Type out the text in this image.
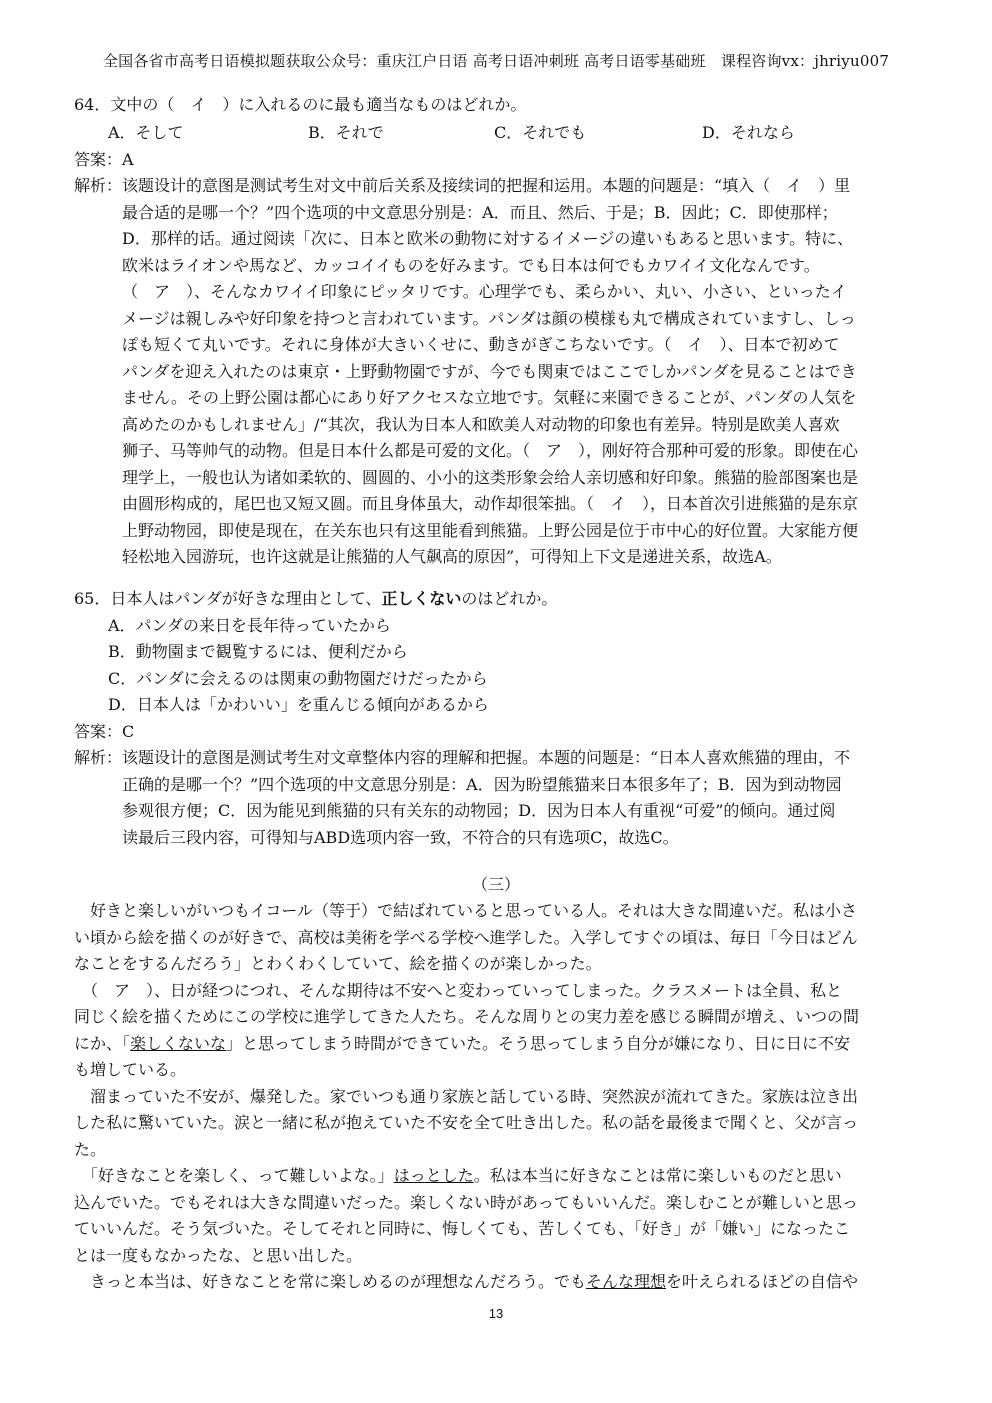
全国各省市高考日语模拟题获取公众号：重庆江户日语 高考日语冲刺班 高考日语零基础班　课程咨询vx：jhriyu007
64．文中の（　イ　）に入れるのに最も適当なものはどれか。
A．そして	B．それで	C．それでも	D．それなら
答案：A
解析： 该题设计的意图是测试考生对文中前后关系及接续词的把握和运用。本题的问题是：“填入（　イ　）里
最合适的是哪一个？”四个选项的中文意思分别是：A．而且、然后、于是；B．因此；C．即使那样；
D．那样的话。通过阅读「次に、日本と欧米の動物に対するイメージの違いもあると思います。特に、
欧米はライオンや馬など、カッコイイものを好みます。でも日本は何でもカワイイ文化なんです。
（　ア　）、そんなカワイイ印象にピッタリです。心理学でも、柔らかい、丸い、小さい、といったイ
メージは親しみや好印象を持つと言われています。パンダは顔の模様も丸で構成されていますし、しっ
ぽも短くて丸いです。それに身体が大きいくせに、動きがぎこちないです。（　イ　）、日本で初めて
パンダを迎え入れたのは東京・上野動物園ですが、今でも関東ではここでしかパンダを見ることはでき
ません。その上野公園は都心にあり好アクセスな立地です。気軽に来園できることが、パンダの人気を
高めたのかもしれません」/“其次，我认为日本人和欧美人对动物的印象也有差异。特别是欧美人喜欢
狮子、马等帅气的动物。但是日本什么都是可爱的文化。（　ア　），刚好符合那种可爱的形象。即使在心
理学上，一般也认为诸如柔软的、圆圆的、小小的这类形象会给人亲切感和好印象。熊猫的脸部图案也是
由圆形构成的，尾巴也又短又圆。而且身体虽大，动作却很笨拙。（　イ　），日本首次引进熊猫的是东京
上野动物园，即使是现在，在关东也只有这里能看到熊猫。上野公园是位于市中心的好位置。大家能方便
轻松地入园游玩，也许这就是让熊猫的人气飙高的原因”，可得知上下文是递进关系，故选A。
65．日本人はパンダが好きな理由として、正しくないのはどれか。
A．パンダの来日を長年待っていたから
B．動物園まで観覧するには、便利だから
C．パンダに会えるのは関東の動物園だけだったから
D．日本人は「かわいい」を重んじる傾向があるから
答案：C
解析： 该题设计的意图是测试考生对文章整体内容的理解和把握。本题的问题是：“日本人喜欢熊猫的理由，不
正确的是哪一个？”四个选项的中文意思分别是：A．因为盼望熊猫来日本很多年了；B．因为到动物园
参观很方便；C．因为能见到熊猫的只有关东的动物园；D．因为日本人有重视“可爱”的倾向。通过阅
读最后三段内容，可得知与ABD选项内容一致，不符合的只有选项C，故选C。
（三）
　好きと楽しいがいつもイコール（等于）で結ばれていると思っている人。それは大きな間違いだ。私は小さ
い頃から絵を描くのが好きで、高校は美術を学べる学校へ進学した。入学してすぐの頃は、毎日「今日はどん
なことをするんだろう」とわくわくしていて、絵を描くのが楽しかった。
　（　ア　）、日が経つにつれ、そんな期待は不安へと変わっていってしまった。クラスメートは全員、私と
同じく絵を描くためにこの学校に進学してきた人たち。そんな周りとの実力差を感じる瞬間が増え、いつの間
にか、「楽しくないな」と思ってしまう時間ができていた。そう思ってしまう自分が嫌になり、日に日に不安
も増している。
　溜まっていた不安が、爆発した。家でいつも通り家族と話している時、突然涙が流れてきた。家族は泣き出
した私に驚いていた。涙と一緒に私が抱えていた不安を全て吐き出した。私の話を最後まで聞くと、父が言っ
た。
　「好きなことを楽しく、って難しいよな。」はっとした。私は本当に好きなことは常に楽しいものだと思い
込んでいた。でもそれは大きな間違いだった。楽しくない時があってもいいんだ。楽しむことが難しいと思っ
ていいんだ。そう気づいた。そしてそれと同時に、悔しくても、苦しくても、「好き」が「嫌い」になったこ
とは一度もなかったな、と思い出した。
　きっと本当は、好きなことを常に楽しめるのが理想なんだろう。でもそんな理想を叶えられるほどの自信や
13
